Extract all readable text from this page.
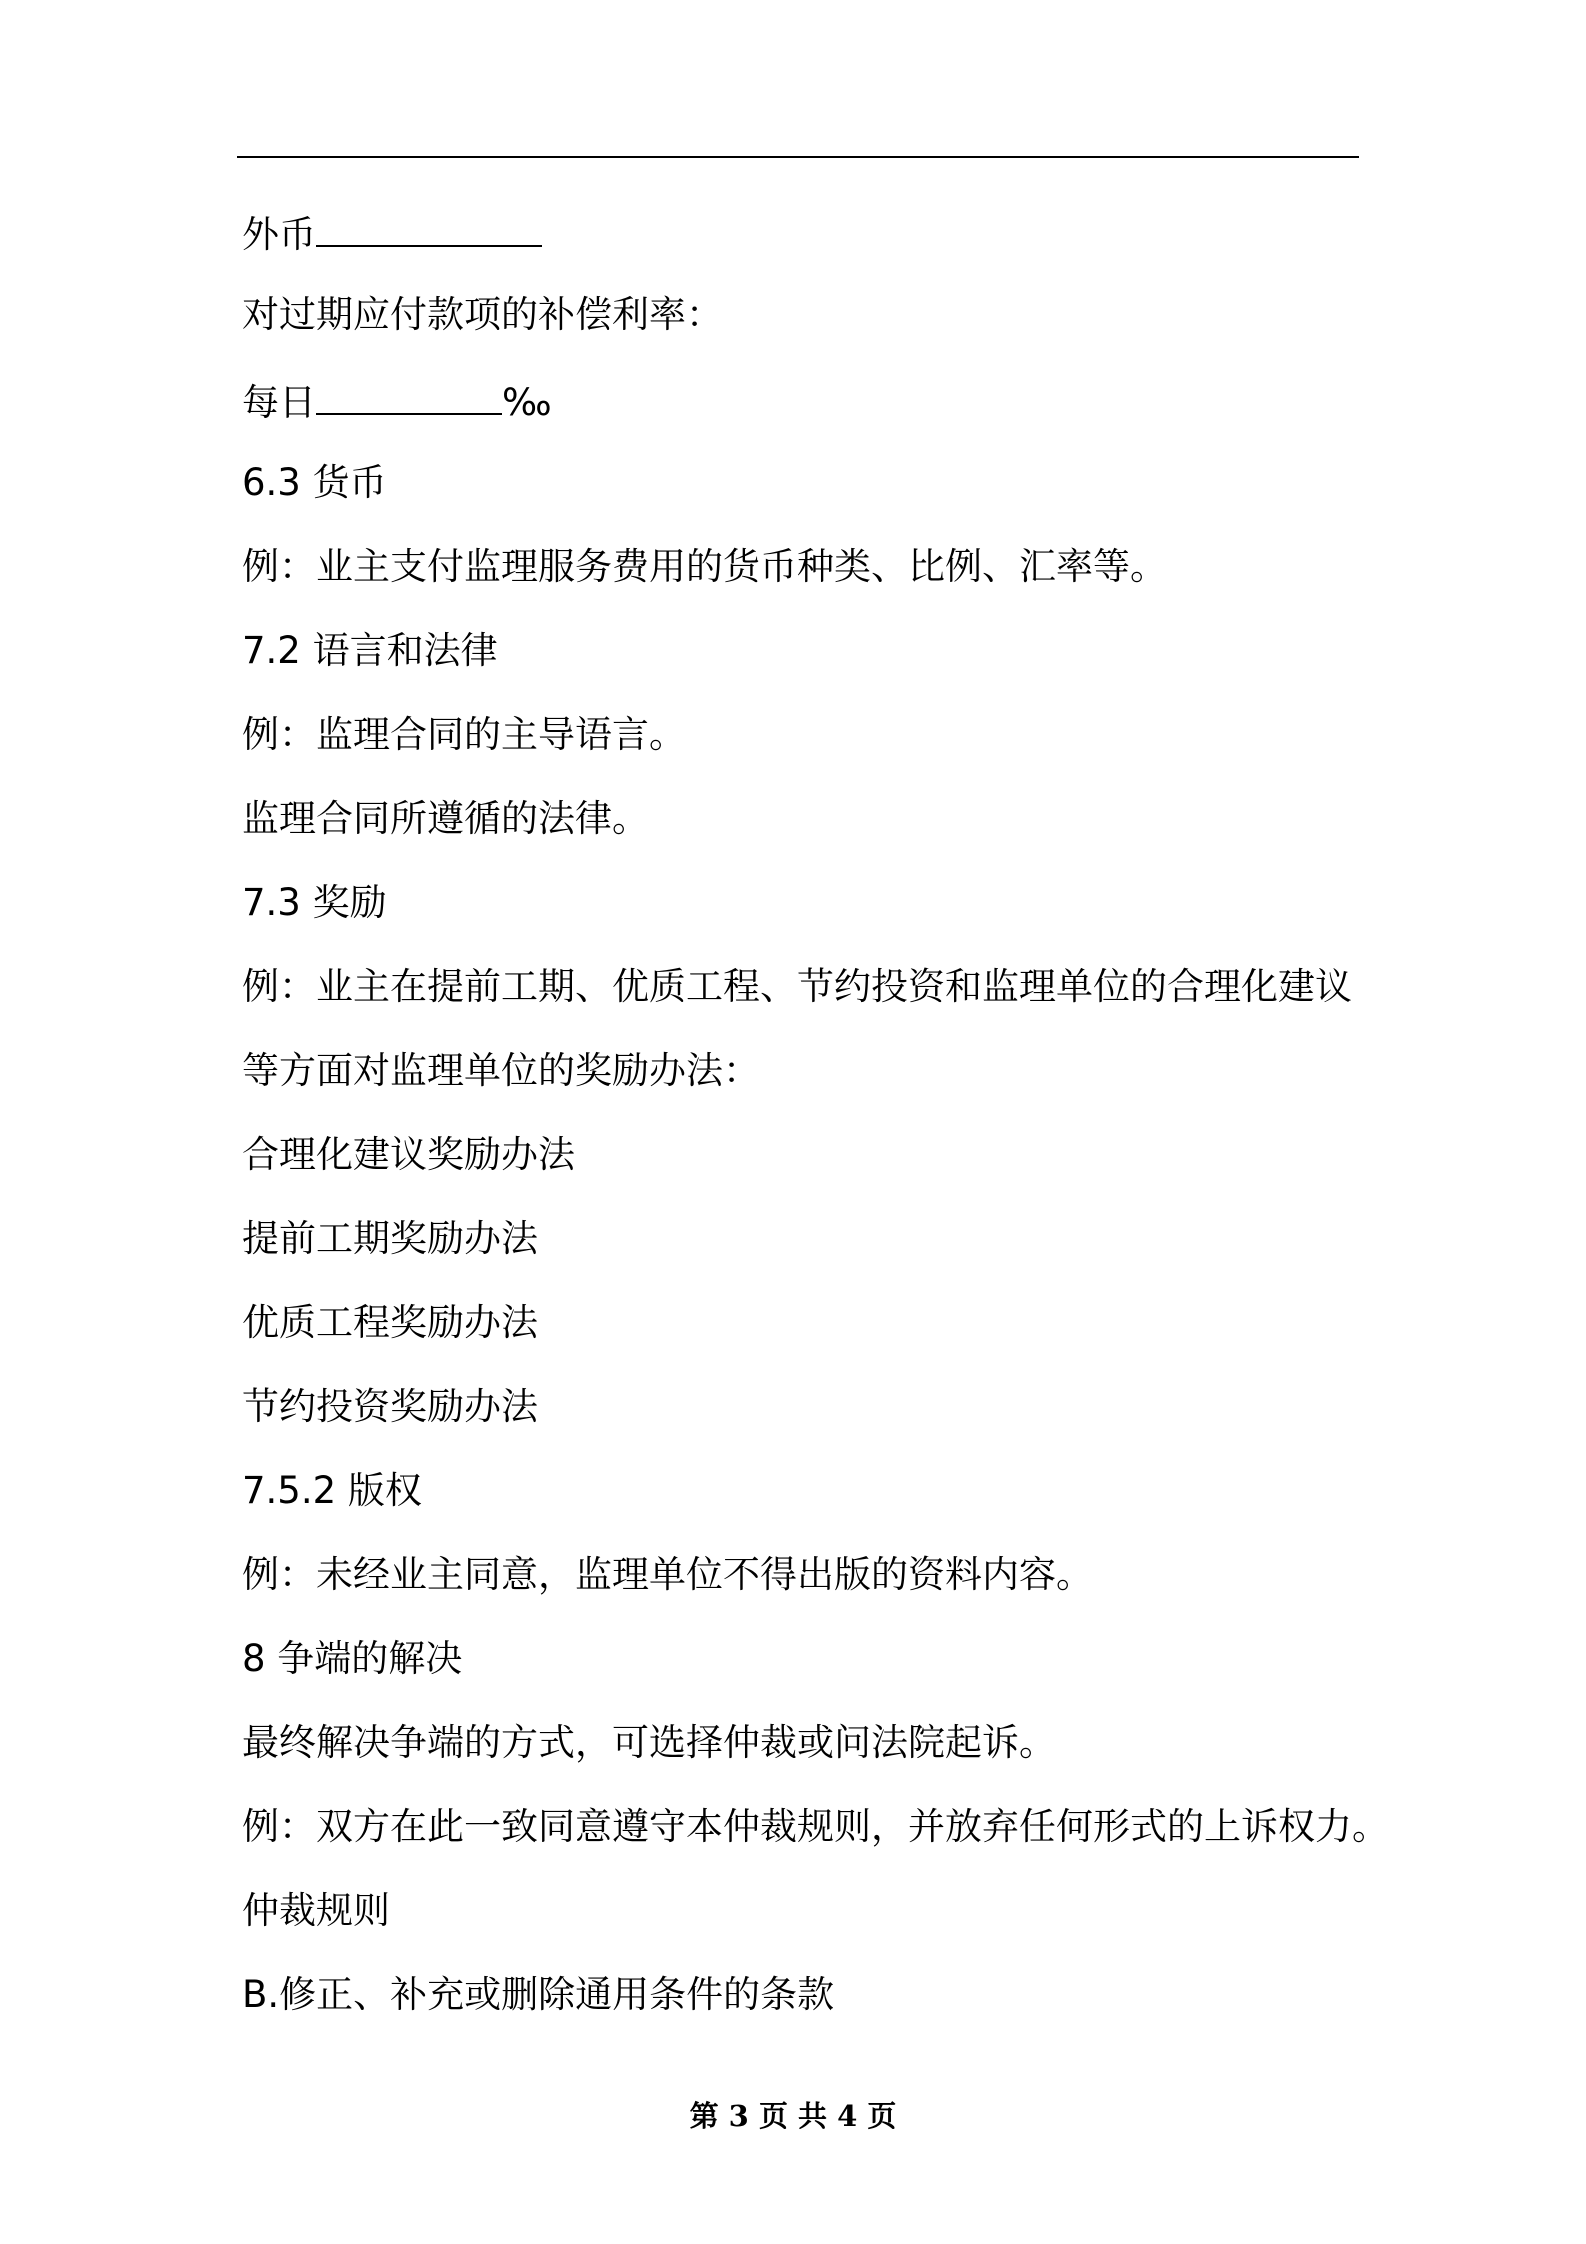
外币
对过期应付款项的补偿利率：
每日	‰
6.3 货币
例：业主支付监理服务费用的货币种类、比例、汇率等。
7.2 语言和法律
例：监理合同的主导语言。
监理合同所遵循的法律。
7.3 奖励
例：业主在提前工期、优质工程、节约投资和监理单位的合理化建议
等方面对监理单位的奖励办法：
合理化建议奖励办法
提前工期奖励办法
优质工程奖励办法
节约投资奖励办法
7.5.2 版权
例：未经业主同意，监理单位不得出版的资料内容。
8 争端的解决
最终解决争端的方式，可选择仲裁或问法院起诉。
例：双方在此一致同意遵守本仲裁规则，并放弃任何形式的上诉权力。
仲裁规则
B.修正、补充或删除通用条件的条款
第 3 页 共 4 页
